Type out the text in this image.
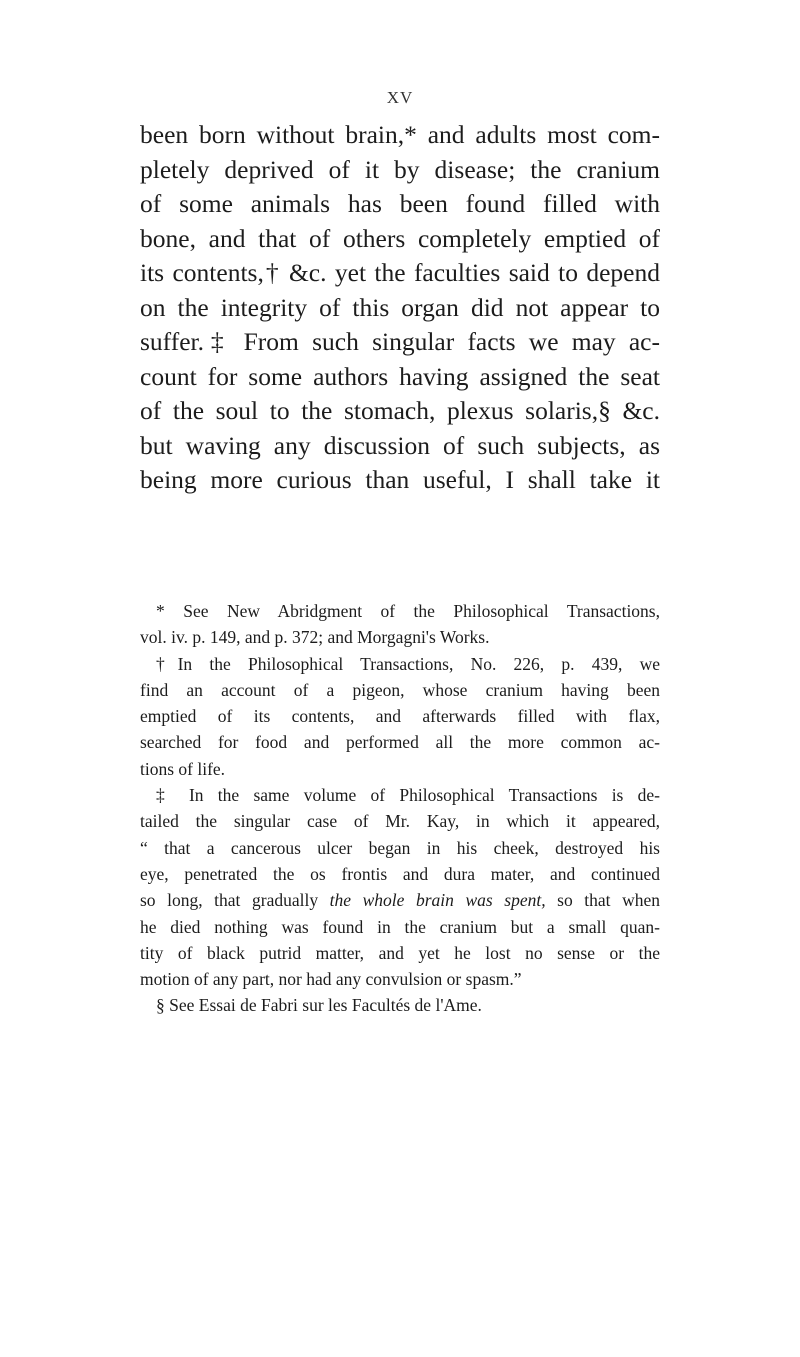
XV
been born without brain,* and adults most com-
pletely deprived of it by disease; the cranium
of some animals has been found filled with
bone, and that of others completely emptied of
its contents,† &c. yet the faculties said to depend
on the integrity of this organ did not appear to
suffer.‡ From such singular facts we may ac-
count for some authors having assigned the seat
of the soul to the stomach, plexus solaris,§ &c.
but waving any discussion of such subjects, as
being more curious than useful, I shall take it
* See New Abridgment of the Philosophical Transactions,
vol. iv. p. 149, and p. 372; and Morgagni's Works.
†In the Philosophical Transactions, No. 226, p. 439, we
find an account of a pigeon, whose cranium having been
emptied of its contents, and afterwards filled with flax,
searched for food and performed all the more common ac-
tions of life.
‡ In the same volume of Philosophical Transactions is de-
tailed the singular case of Mr. Kay, in which it appeared,
“ that a cancerous ulcer began in his cheek, destroyed his
eye, penetrated the os frontis and dura mater, and continued
so long, that gradually the whole brain was spent, so that when
he died nothing was found in the cranium but a small quan-
tity of black putrid matter, and yet he lost no sense or the
motion of any part, nor had any convulsion or spasm.”
§ See Essai de Fabri sur les Facultés de l'Ame.
